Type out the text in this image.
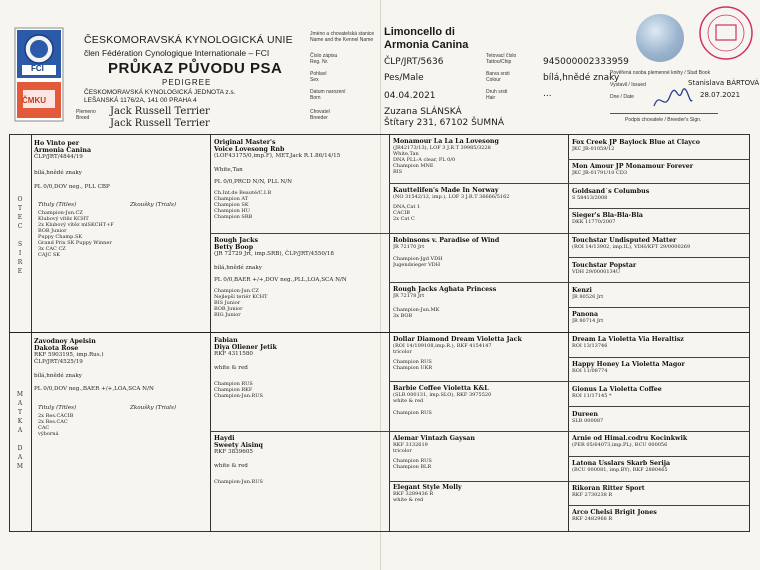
FCI
ČMKU
ČESKOMORAVSKÁ KYNOLOGICKÁ UNIE
člen Fédération Cynologique Internationale – FCI
PRŮKAZ PŮVODU PSA
PEDIGREE
ČESKOMORAVSKÁ KYNOLOGICKÁ JEDNOTA z.s.
LEŠANSKÁ 1176/2A, 141 00 PRAHA 4
Plemeno
Breed
Jack Russell Terrier
Jack Russell Terrier
Jméno a chovatelská stanice
Name and the Kennel Name
Číslo zápisu
Reg. Nr.
Pohlaví
Sex
Datum narození
Born
Chovatel
Breeder
Limoncello di
Armonia Canina
ČLP/JRT/5636
Pes/Male
04.04.2021
Zuzana SLÁNSKÁ
Štítary 231, 67102 ŠUMNÁ
Tetovací číslo
Tattoo/Chip
Barva srsti
Colour
Druh srsti
Hair
945000002333959
bílá,hnědé znaky
...
Pověřená osoba plemenné knihy / Stud Book
Vystavil / Issued	Stanislava BÁRTOVÁ
Dne / Date	28.07.2021
Podpis chovatele / Breeder's Sign.
O
T
E
C

S
I
R
E
M
A
T
K
A

D
A
M
Ho Vinto per
Armonia Canina
ČLP/JRT/4844/19
bílá,hnědé znaky
PL 0/0,DOV neg., PLL CBP
Tituly (Titles)	Zkoušky (Trials)
Champion-Jun.CZ
Klubový vítěz KCHT
2x Klubový vítěz mlSKCHT+F
BOB Junior
Puppy Champ.SK
Grand Prix SK Puppy Winner
3x CAC CZ
CAJC SK
Zavodnoy Apelsin
Dakota Rose
RKF 5903195, imp.Rus.)
ČLP/JRT/4525/19
bílá,hnědé znaky
PL 0/0,DOV neg.,BAER +/+,LOA,SCA N/N
Tituly (Titles)	Zkoušky (Trials)
2x Res.CACIB
2x Res.CAC
CAC
výborná
Original Master's
Voice Lovesong Rnb
(LOF43175/0,imp.F), MET.Jack R.1.86/14/15
White,Tan
PL 0/0,PRCD N/N, PLL N/N
Ch.Int.de Beauté/C.I.B
Champion AT
Champion SK
Champion HU
Champion SRB
Rough Jacks
Betty Boop
(JR 72729 Jrt, imp.SRB), ČLP/JRT/4550/18
bílá,hnědé znaky
PL 0/0,BAER +/+,DOV neg.,PLL,LOA,SCA N/N
Champion-Jun.CZ
Nejlepší teriér KCHT
BIS Junior
BOB Junior
BIG Junior
Fabian
Diya Oliener Jetik
RKF 4311580
white & red
Champion RUS
Champion RKF
Champion-Jun.RUS
Haydi
Sweety Aisinq
RKF 3839605
white & red
Champion-Jun.RUS
Monamour La La La Lovesong
(JR42173/13), LOF 3 J.R.T 39985/3228
White,Tan
DNA PLL-A clear, PL 0/0
Champion MNE
BIS
Kauttelifen's Made In Norway
(NO 31542/12, imp.), LOF 3 J.R.T 36666/5162
DNA,Cat 1
CACIB
2x Cat C
Robinsons v. Paradise of Wind
JR 72170 Jrt
Champion-Jgd VDH
Jugendsieger VDH
Rough Jacks Aghata Princess
JR 72178 Jrt
Champion-Jun.MK
3x BOB
Dollar Diamond Dream Violetta Jack
(ROI 14/109108,imp.R.), RKF 4154147
tricolor
Champion RUS
Champion UKR
Barbie Coffee Violetta K&L
(SLR 000131, imp.SLO), RKF 3975520
white & red
Champion RUS
Alemar Vintazh Gaysan
RKF 3132619
tricolor
Champion RUS
Champion BLR
Elegant Style Molly
RKF 3289436 R
white & red
Fox Creek JP Baylock Blue at Clayco
JKC JR-01059/12
Mon Amour JP Monamour Forever
JKC JR-01791/10 CD3
Goldsand´s Columbus
S 58413/2008
Sieger's Bla-Bla-Bla
DKK 11770/2007
Touchstar Undisputed Matter
(ROI 14/13902, imp.IL), VDH/KFT 29/0000269
Touchstar Popstar
VDH 29/0000134U
Kenzi
JR 80526 Jrt
Panona
JR 80714 Jrt
Dream La Violetta Via Heraltisz
ROI 13/13746
Happy Honey La Violetta Magor
ROI 11/08774
Gionus La Violetta Coffee
ROI 11/17145 *
Dureen
SLR 000087
Arnie od Himal.codru Kocinkwik
(PER 05/64073,imp.PL), BCU 000056
Latona Usslars Skarb Serija
(BCU 000081, imp.BY), RKF 2880465
Rikoran Ritter Sport
RKF 2730238 R
Arco Chelsi Brigit Jones
RKF 2482968 R
